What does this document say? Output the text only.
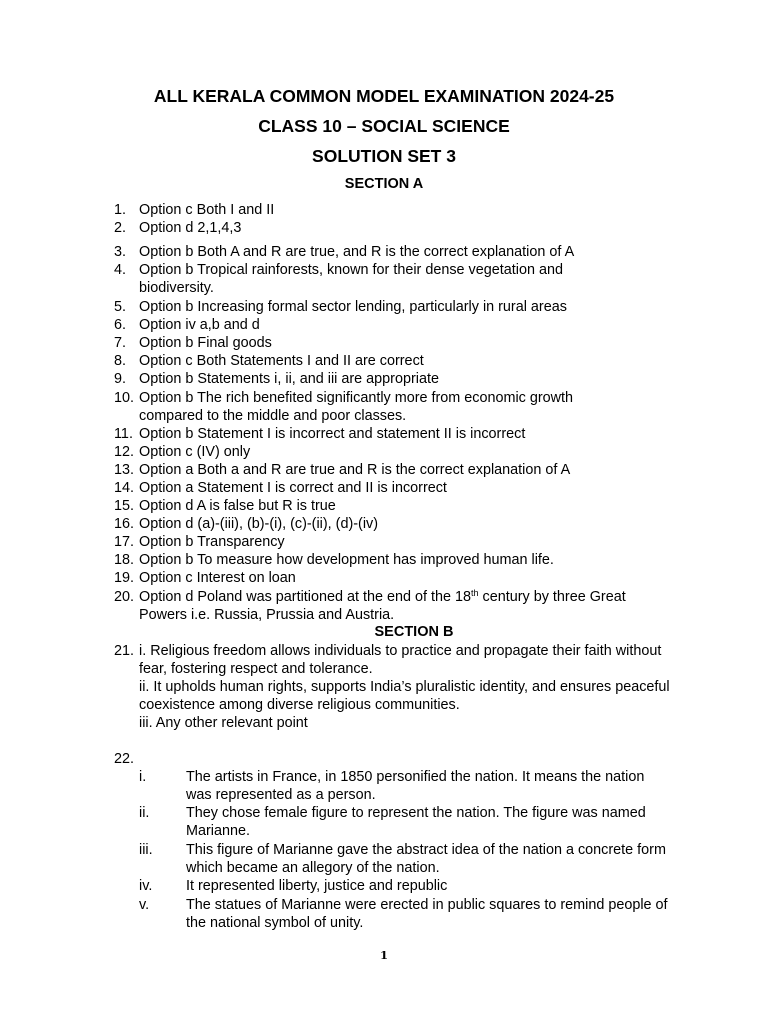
ALL KERALA COMMON MODEL EXAMINATION 2024-25
CLASS 10 – SOCIAL SCIENCE
SOLUTION SET 3
SECTION A
1. Option c Both I and II
2. Option d 2,1,4,3
3. Option b Both A and R are true, and R is the correct explanation of A
4. Option b Tropical rainforests, known for their dense vegetation and biodiversity.
5. Option b Increasing formal sector lending, particularly in rural areas
6. Option iv a,b and d
7. Option b Final goods
8. Option c Both Statements I and II are correct
9. Option b Statements i, ii, and iii are appropriate
10. Option b The rich benefited significantly more from economic growth compared to the middle and poor classes.
11. Option b Statement I is incorrect and statement II is incorrect
12. Option c (IV) only
13. Option a Both a and R are true and R is the correct explanation of A
14. Option a Statement I is correct and II is incorrect
15. Option d A is false but R is true
16. Option d (a)-(iii), (b)-(i), (c)-(ii), (d)-(iv)
17. Option b Transparency
18. Option b To measure how development has improved human life.
19. Option c Interest on loan
20. Option d Poland was partitioned at the end of the 18th century by three Great Powers i.e. Russia, Prussia and Austria.
SECTION B
21. i. Religious freedom allows individuals to practice and propagate their faith without fear, fostering respect and tolerance.
ii. It upholds human rights, supports India’s pluralistic identity, and ensures peaceful coexistence among diverse religious communities.
iii. Any other relevant point
22.
i.	The artists in France, in 1850 personified the nation. It means the nation was represented as a person.
ii.	They chose female figure to represent the nation. The figure was named Marianne.
iii.	This figure of Marianne gave the abstract idea of the nation a concrete form which became an allegory of the nation.
iv.	It represented liberty, justice and republic
v.	The statues of Marianne were erected in public squares to remind people of the national symbol of unity.
1
